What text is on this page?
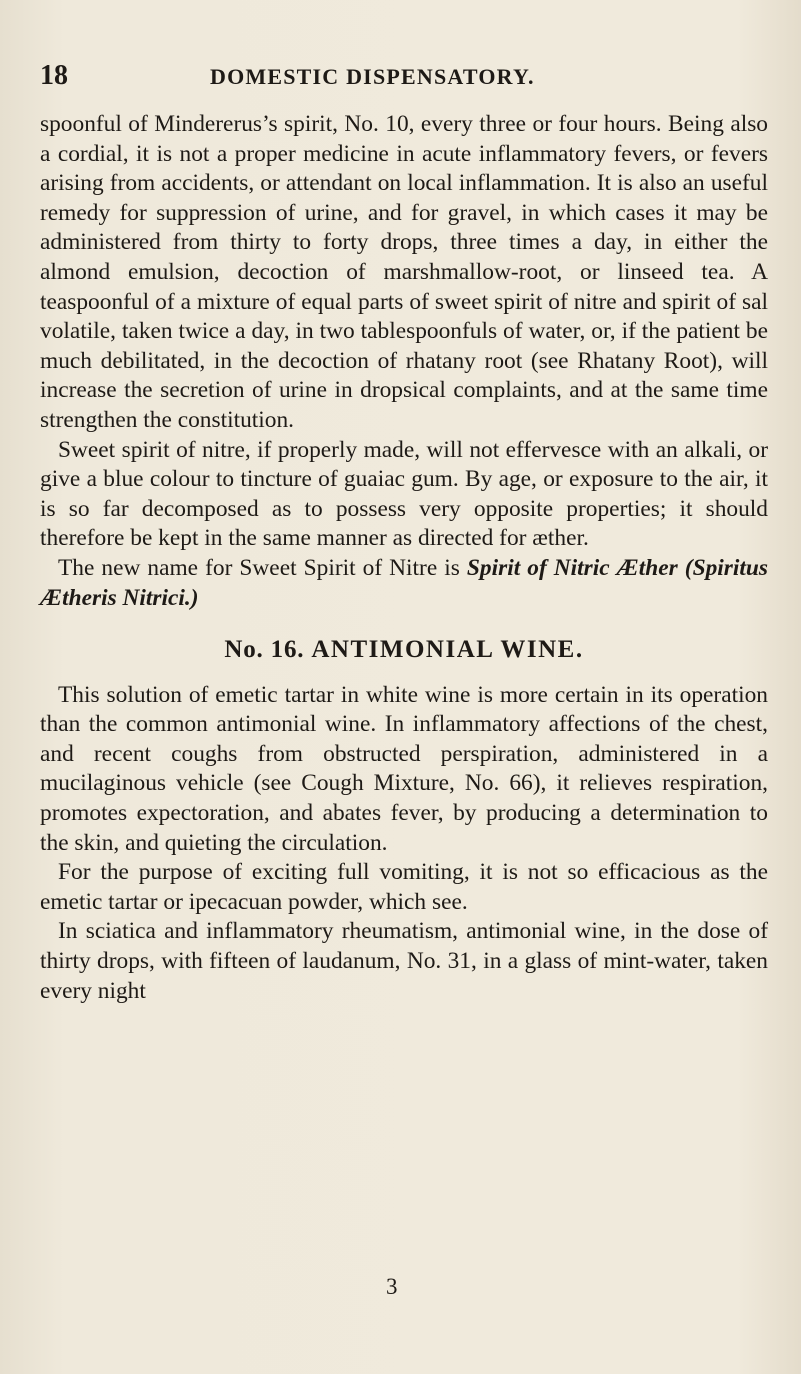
18	DOMESTIC DISPENSATORY.

spoonful of Mindererus’s spirit, No. 10, every three or four hours. Being also a cordial, it is not a proper medicine in acute inflammatory fevers, or fevers arising from accidents, or attendant on local inflammation. It is also an useful remedy for suppression of urine, and for gravel, in which cases it may be administered from thirty to forty drops, three times a day, in either the almond emulsion, decoction of marshmallow-root, or linseed tea. A teaspoonful of a mixture of equal parts of sweet spirit of nitre and spirit of sal volatile, taken twice a day, in two tablespoonfuls of water, or, if the patient be much debilitated, in the decoction of rhatany root (see Rhatany Root), will increase the secretion of urine in dropsical complaints, and at the same time strengthen the constitution.

Sweet spirit of nitre, if properly made, will not effervesce with an alkali, or give a blue colour to tincture of guaiac gum. By age, or exposure to the air, it is so far decomposed as to possess very opposite properties; it should therefore be kept in the same manner as directed for æther.

The new name for Sweet Spirit of Nitre is Spirit of Nitric Æther (Spiritus Ætheris Nitrici.)

No. 16. ANTIMONIAL WINE.

This solution of emetic tartar in white wine is more certain in its operation than the common antimonial wine. In inflammatory affections of the chest, and recent coughs from obstructed perspiration, administered in a mucilaginous vehicle (see Cough Mixture, No. 66), it relieves respiration, promotes expectoration, and abates fever, by producing a determination to the skin, and quieting the circulation.

For the purpose of exciting full vomiting, it is not so efficacious as the emetic tartar or ipecacuan powder, which see.

In sciatica and inflammatory rheumatism, antimonial wine, in the dose of thirty drops, with fifteen of laudanum, No. 31, in a glass of mint-water, taken every night

3
